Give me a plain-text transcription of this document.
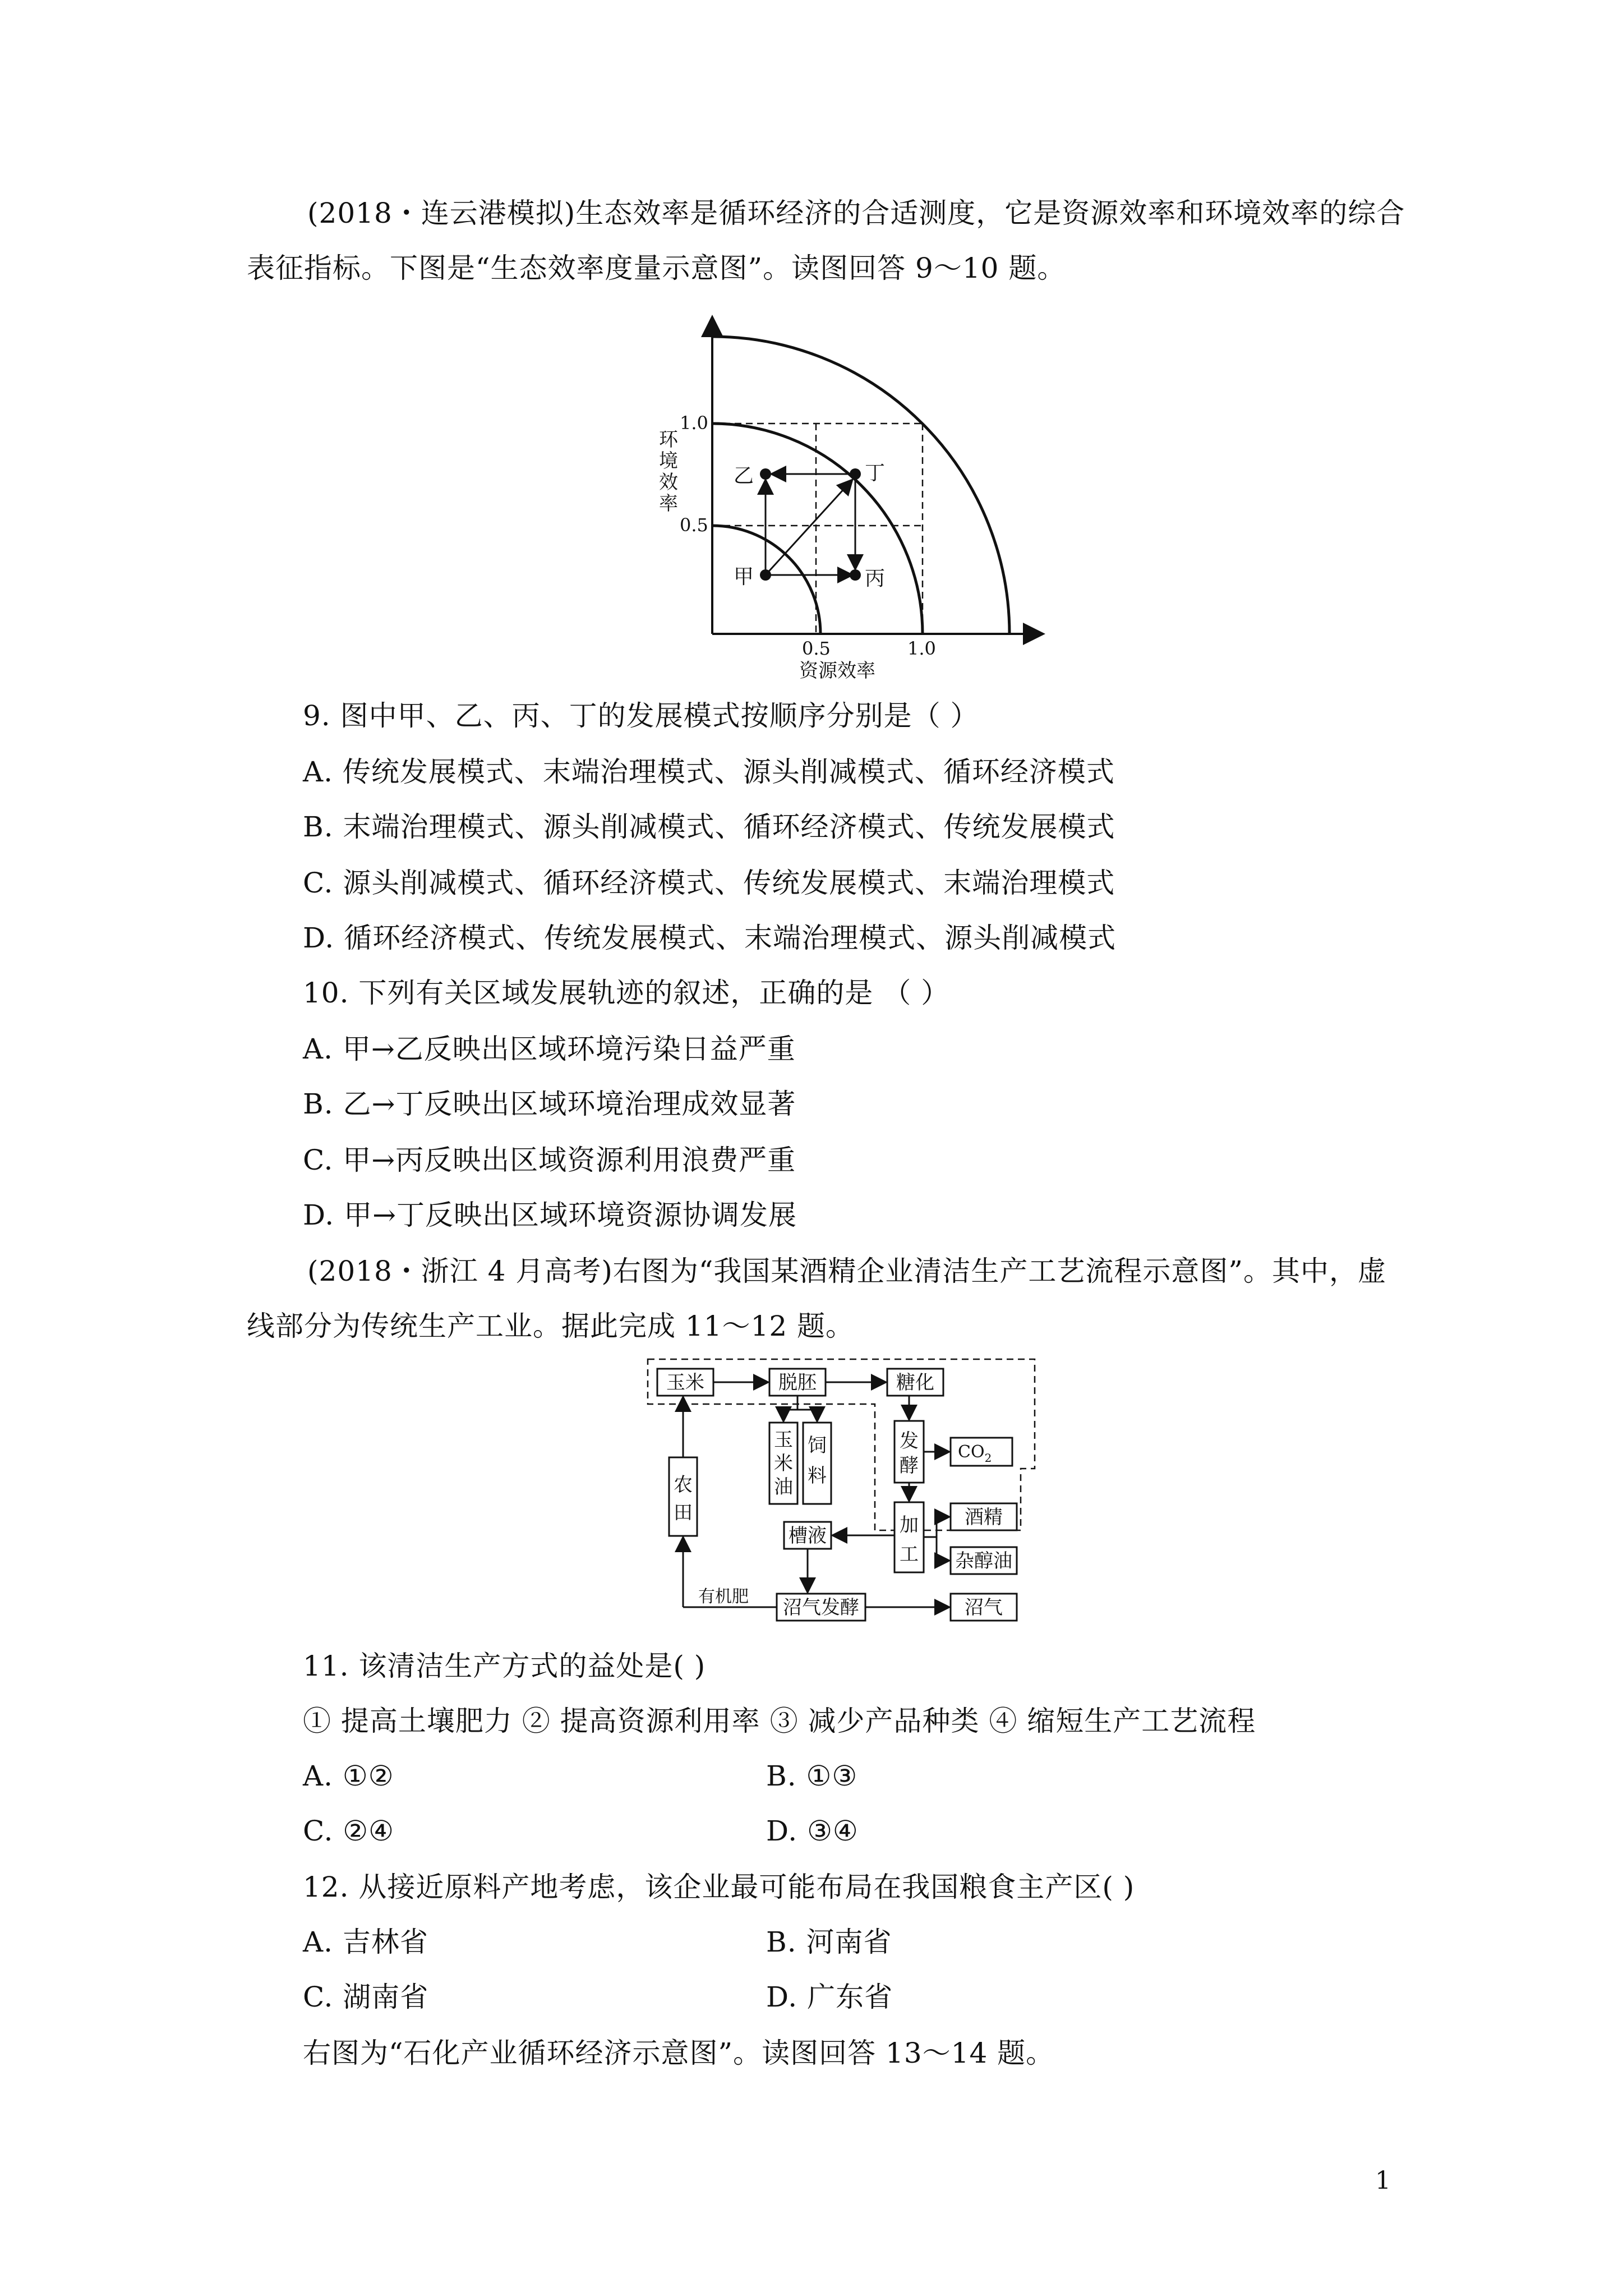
(2018・连云港模拟)生态效率是循环经济的合适测度，它是资源效率和环境效率的综合
表征指标。下图是“生态效率度量示意图”。读图回答 9～10 题。
甲
乙
丙
丁
1.0
0.5
0.5	1.0
环
境
效
率
资源效率
9. 图中甲、乙、丙、丁的发展模式按顺序分别是（ ）
A. 传统发展模式、末端治理模式、源头削减模式、循环经济模式
B. 末端治理模式、源头削减模式、循环经济模式、传统发展模式
C. 源头削减模式、循环经济模式、传统发展模式、末端治理模式
D. 循环经济模式、传统发展模式、末端治理模式、源头削减模式
10. 下列有关区域发展轨迹的叙述，正确的是 （ ）
A. 甲→乙反映出区域环境污染日益严重
B. 乙→丁反映出区域环境治理成效显著
C. 甲→丙反映出区域资源利用浪费严重
D. 甲→丁反映出区域环境资源协调发展
(2018・浙江 4 月高考)右图为“我国某酒精企业清洁生产工艺流程示意图”。其中，虚
线部分为传统生产工业。据此完成 11～12 题。
玉米	脱胚	糖化
发
酵
玉
米
油
饲
料
农
田
加
工
酒精
杂醇油
槽液
沼气发酵	沼气
有机肥
$CO_2$
11. 该清洁生产方式的益处是( )
① 提高土壤肥力 ② 提高资源利用率 ③ 减少产品种类 ④ 缩短生产工艺流程
A. ①②	B. ①③
C. ②④	D. ③④
12. 从接近原料产地考虑，该企业最可能布局在我国粮食主产区( )
A. 吉林省	B. 河南省
C. 湖南省	D. 广东省
右图为“石化产业循环经济示意图”。读图回答 13～14 题。
1
